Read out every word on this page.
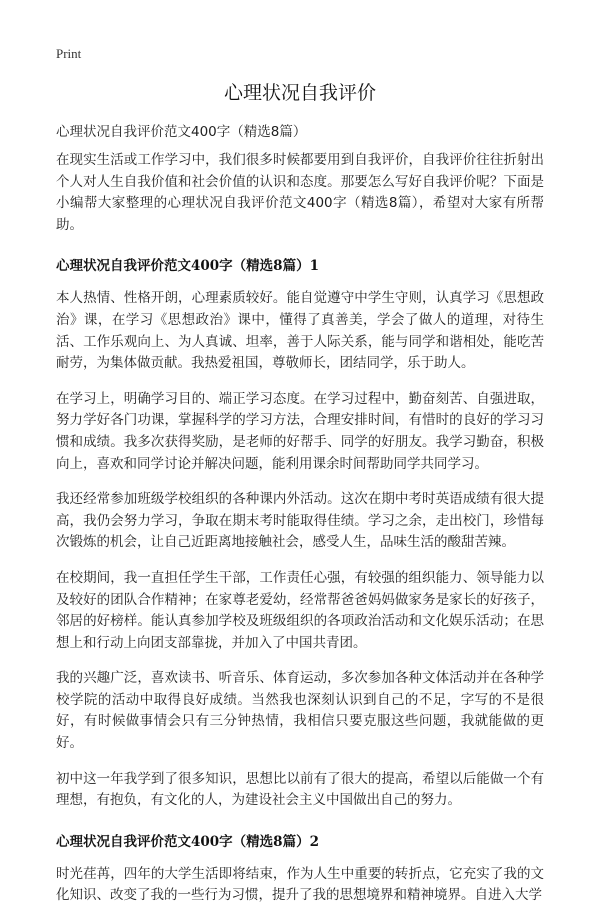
Print
心理状况自我评价
心理状况自我评价范文400字（精选8篇）

在现实生活或工作学习中，我们很多时候都要用到自我评价，自我评价往往折射出个人对人生自我价值和社会价值的认识和态度。那要怎么写好自我评价呢？下面是小编帮大家整理的心理状况自我评价范文400字（精选8篇），希望对大家有所帮助。

心理状况自我评价范文400字（精选8篇）1

本人热情、性格开朗，心理素质较好。能自觉遵守中学生守则，认真学习《思想政治》课，在学习《思想政治》课中，懂得了真善美，学会了做人的道理，对待生活、工作乐观向上、为人真诚、坦率，善于人际关系，能与同学和谐相处，能吃苦耐劳，为集体做贡献。我热爱祖国，尊敬师长，团结同学，乐于助人。

在学习上，明确学习目的、端正学习态度。在学习过程中，勤奋刻苦、自强进取，努力学好各门功课，掌握科学的学习方法，合理安排时间，有惜时的良好的学习习惯和成绩。我多次获得奖励，是老师的好帮手、同学的好朋友。我学习勤奋，积极向上，喜欢和同学讨论并解决问题，能利用课余时间帮助同学共同学习。

我还经常参加班级学校组织的各种课内外活动。这次在期中考时英语成绩有很大提高，我仍会努力学习，争取在期末考时能取得佳绩。学习之余，走出校门，珍惜每次锻炼的机会，让自己近距离地接触社会，感受人生，品味生活的酸甜苦辣。

在校期间，我一直担任学生干部，工作责任心强，有较强的组织能力、领导能力以及较好的团队合作精神；在家尊老爱幼，经常帮爸爸妈妈做家务是家长的好孩子，邻居的好榜样。能认真参加学校及班级组织的各项政治活动和文化娱乐活动；在思想上和行动上向团支部靠拢，并加入了中国共青团。

我的兴趣广泛，喜欢读书、听音乐、体育运动，多次参加各种文体活动并在各种学校学院的活动中取得良好成绩。当然我也深刻认识到自己的不足，字写的不是很好，有时候做事情会只有三分钟热情，我相信只要克服这些问题，我就能做的更好。

初中这一年我学到了很多知识，思想比以前有了很大的提高，希望以后能做一个有理想，有抱负，有文化的人，为建设社会主义中国做出自己的努力。

心理状况自我评价范文400字（精选8篇）2

时光荏苒，四年的大学生活即将结束，作为人生中重要的转折点，它充实了我的文化知识、改变了我的一些行为习惯，提升了我的思想境界和精神境界。自进入大学
